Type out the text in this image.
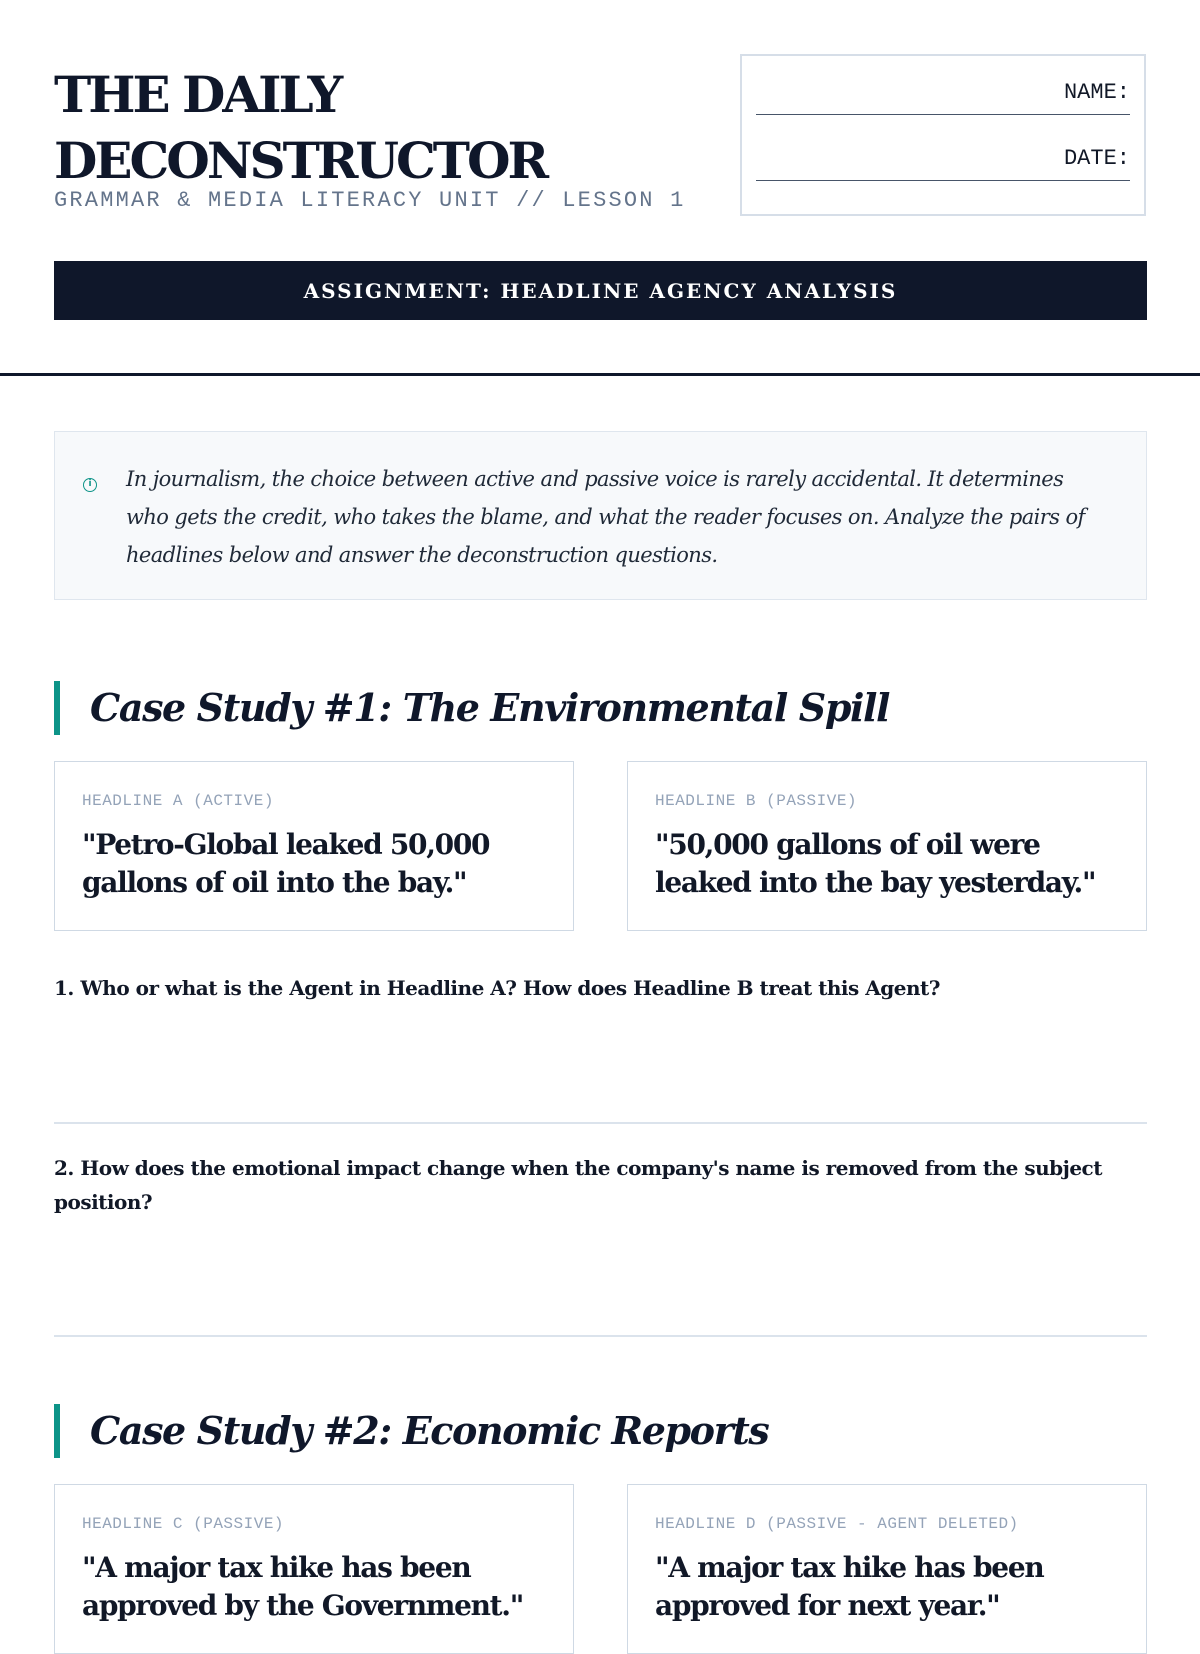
THE DAILY
DECONSTRUCTOR
GRAMMAR & MEDIA LITERACY UNIT // LESSON 1
NAME:
DATE:
ASSIGNMENT: HEADLINE AGENCY ANALYSIS
i In journalism, the choice between active and passive voice is rarely accidental. It determines who gets the credit, who takes the blame, and what the reader focuses on. Analyze the pairs of headlines below and answer the deconstruction questions.

Case Study #1: The Environmental Spill
HEADLINE A (ACTIVE)

"Petro-Global leaked 50,000 gallons of oil into the bay."

HEADLINE B (PASSIVE)

"50,000 gallons of oil were leaked into the bay yesterday."

1. Who or what is the Agent in Headline A? How does Headline B treat this Agent?

2. How does the emotional impact change when the company's name is removed from the subject position?

Case Study #2: Economic Reports
HEADLINE C (PASSIVE)

"A major tax hike has been approved by the Government."

HEADLINE D (PASSIVE - AGENT DELETED)

"A major tax hike has been approved for next year."
